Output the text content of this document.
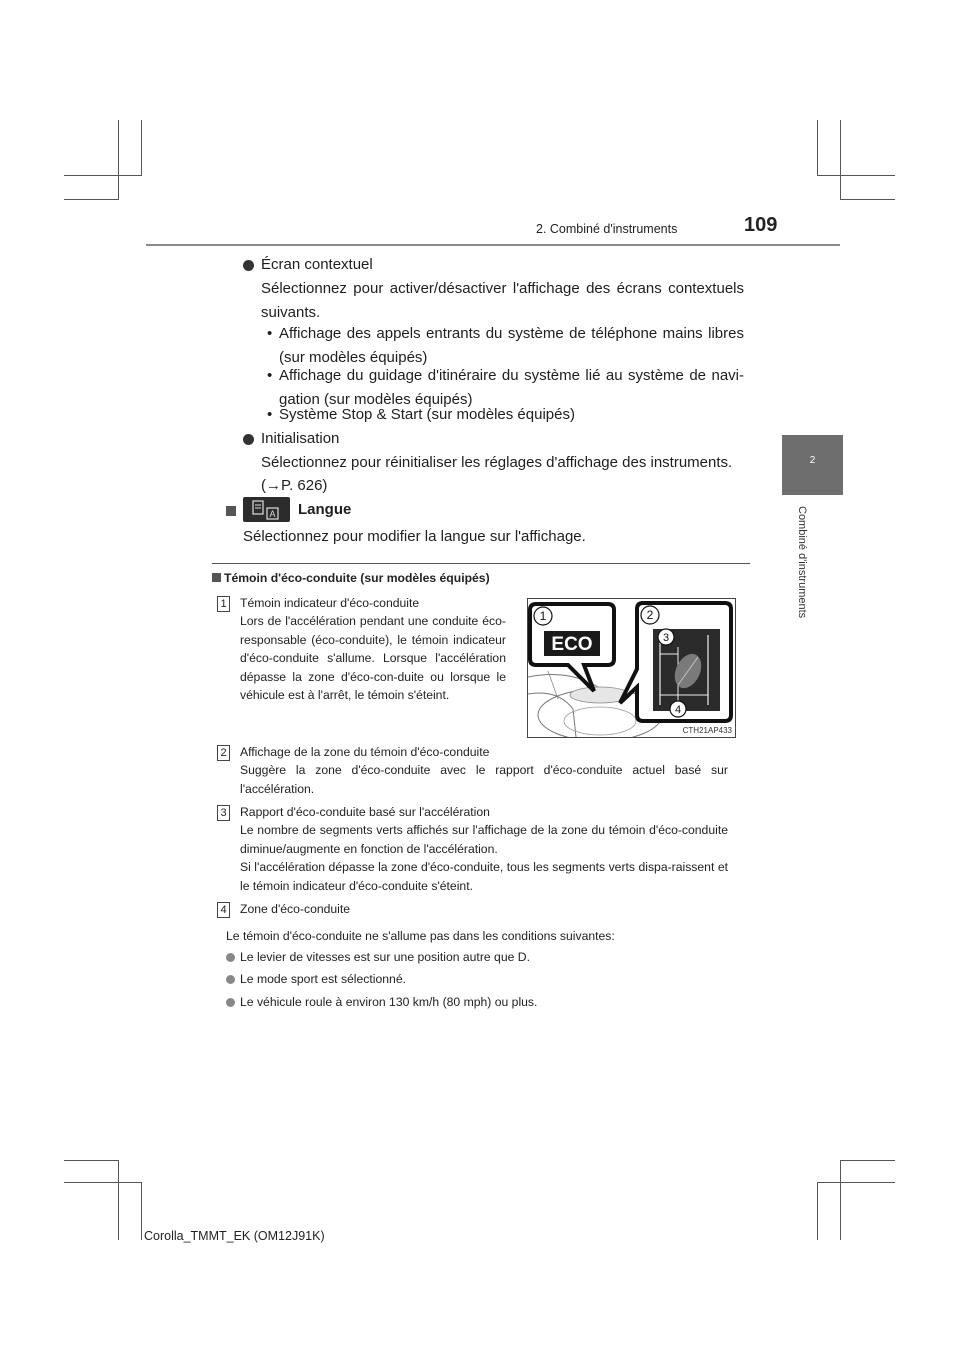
2. Combiné d'instruments	109
2
Combiné d'instruments
Écran contextuel
Sélectionnez pour activer/désactiver l'affichage des écrans contextuels suivants.
• Affichage des appels entrants du système de téléphone mains libres (sur modèles équipés)
• Affichage du guidage d'itinéraire du système lié au système de navi-gation (sur modèles équipés)
• Système Stop & Start (sur modèles équipés)
Initialisation
Sélectionnez pour réinitialiser les réglages d'affichage des instruments.
(→P. 626)
A Langue
Sélectionnez pour modifier la langue sur l'affichage.
Témoin d'éco-conduite (sur modèles équipés)
1 Témoin indicateur d'éco-conduite
Lors de l'accélération pendant une conduite éco-responsable (éco-conduite), le témoin indicateur d'éco-conduite s'allume. Lorsque l'accélération dépasse la zone d'éco-con-duite ou lorsque le véhicule est à l'arrêt, le témoin s'éteint.
ECO
1	2
3
4
CTH21AP433
2 Affichage de la zone du témoin d'éco-conduite
Suggère la zone d'éco-conduite avec le rapport d'éco-conduite actuel basé sur l'accélération.
3 Rapport d'éco-conduite basé sur l'accélération
Le nombre de segments verts affichés sur l'affichage de la zone du témoin d'éco-conduite diminue/augmente en fonction de l'accélération.
Si l'accélération dépasse la zone d'éco-conduite, tous les segments verts dispa-raissent et le témoin indicateur d'éco-conduite s'éteint.
4 Zone d'éco-conduite
Le témoin d'éco-conduite ne s'allume pas dans les conditions suivantes:
Le levier de vitesses est sur une position autre que D.
Le mode sport est sélectionné.
Le véhicule roule à environ 130 km/h (80 mph) ou plus.
Corolla_TMMT_EK (OM12J91K)
